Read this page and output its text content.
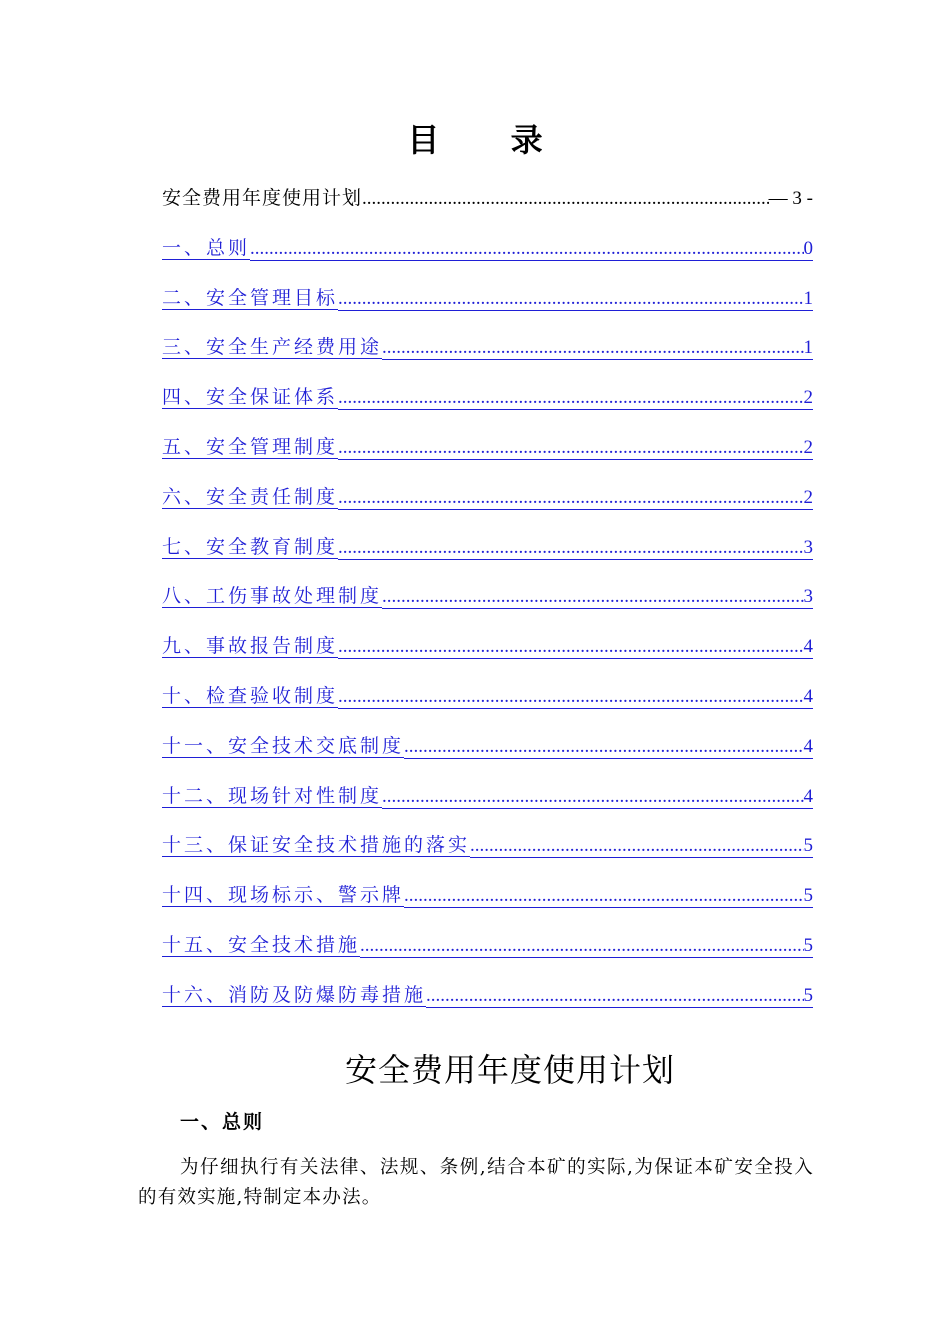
目 录
安全费用年度使用计划 .....	— 3 -
一、总则 .....	0
二、安全管理目标 .....	1
三、安全生产经费用途 .....	1
四、安全保证体系 .....	2
五、安全管理制度 .....	2
六、安全责任制度 .....	2
七、安全教育制度 .....	3
八、工伤事故处理制度 .....	3
九、事故报告制度 .....	4
十、检查验收制度 .....	4
十一、安全技术交底制度 .....	4
十二、现场针对性制度 .....	4
十三、保证安全技术措施的落实 .....	5
十四、现场标示、警示牌 .....	5
十五、安全技术措施 .....	5
十六、消防及防爆防毒措施 .....	5
安全费用年度使用计划
一、总则

为仔细执行有关法律、法规、条例,结合本矿的实际,为保证本矿安全投入的有效实施,特制定本办法。
